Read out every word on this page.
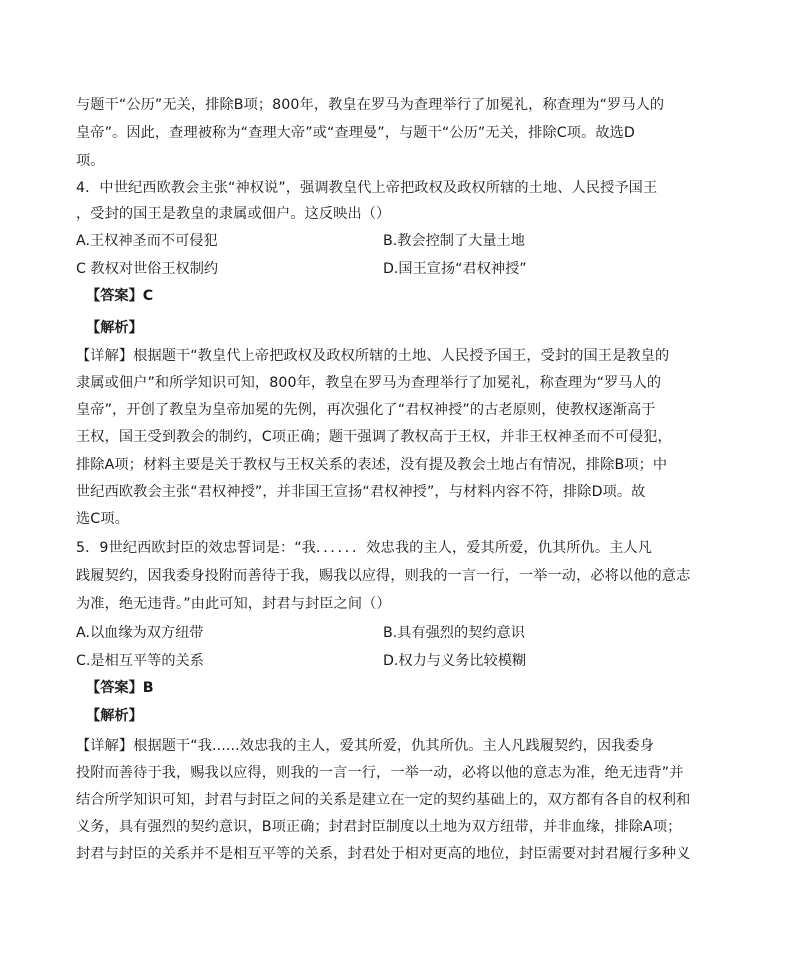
与题干“公历”无关，排除B项；800年，教皇在罗马为查理举行了加冕礼，称查理为“罗马人的
皇帝”。因此，查理被称为“查理大帝”或“查理曼”，与题干“公历”无关，排除C项。故选D
项。
4．中世纪西欧教会主张“神权说”，强调教皇代上帝把政权及政权所辖的土地、人民授予国王
，受封的国王是教皇的隶属或佃户。这反映出（）
A.王权神圣而不可侵犯	B.教会控制了大量土地
C 教权对世俗王权制约	D.国王宣扬“君权神授”
【答案】C
【解析】
【详解】根据题干“教皇代上帝把政权及政权所辖的土地、人民授予国王，受封的国王是教皇的
隶属或佃户”和所学知识可知，800年，教皇在罗马为查理举行了加冕礼，称查理为“罗马人的
皇帝”，开创了教皇为皇帝加冕的先例，再次强化了“君权神授”的古老原则，使教权逐渐高于
王权，国王受到教会的制约，C项正确；题干强调了教权高于王权，并非王权神圣而不可侵犯，
排除A项；材料主要是关于教权与王权关系的表述，没有提及教会土地占有情况，排除B项；中
世纪西欧教会主张“君权神授”，并非国王宣扬“君权神授”，与材料内容不符，排除D项。故
选C项。
5．9世纪西欧封臣的效忠誓词是：“我．．．．．．效忠我的主人，爱其所爱，仇其所仇。主人凡
践履契约，因我委身投附而善待于我，赐我以应得，则我的一言一行，一举一动，必将以他的意志
为准，绝无违背。”由此可知，封君与封臣之间（）
A.以血缘为双方纽带	B.具有强烈的契约意识
C.是相互平等的关系	D.权力与义务比较模糊
【答案】B
【解析】
【详解】根据题干“我......效忠我的主人，爱其所爱，仇其所仇。主人凡践履契约，因我委身
投附而善待于我，赐我以应得，则我的一言一行，一举一动，必将以他的意志为准，绝无违背”并
结合所学知识可知，封君与封臣之间的关系是建立在一定的契约基础上的，双方都有各自的权利和
义务，具有强烈的契约意识，B项正确；封君封臣制度以土地为双方纽带，并非血缘，排除A项；
封君与封臣的关系并不是相互平等的关系，封君处于相对更高的地位，封臣需要对封君履行多种义
